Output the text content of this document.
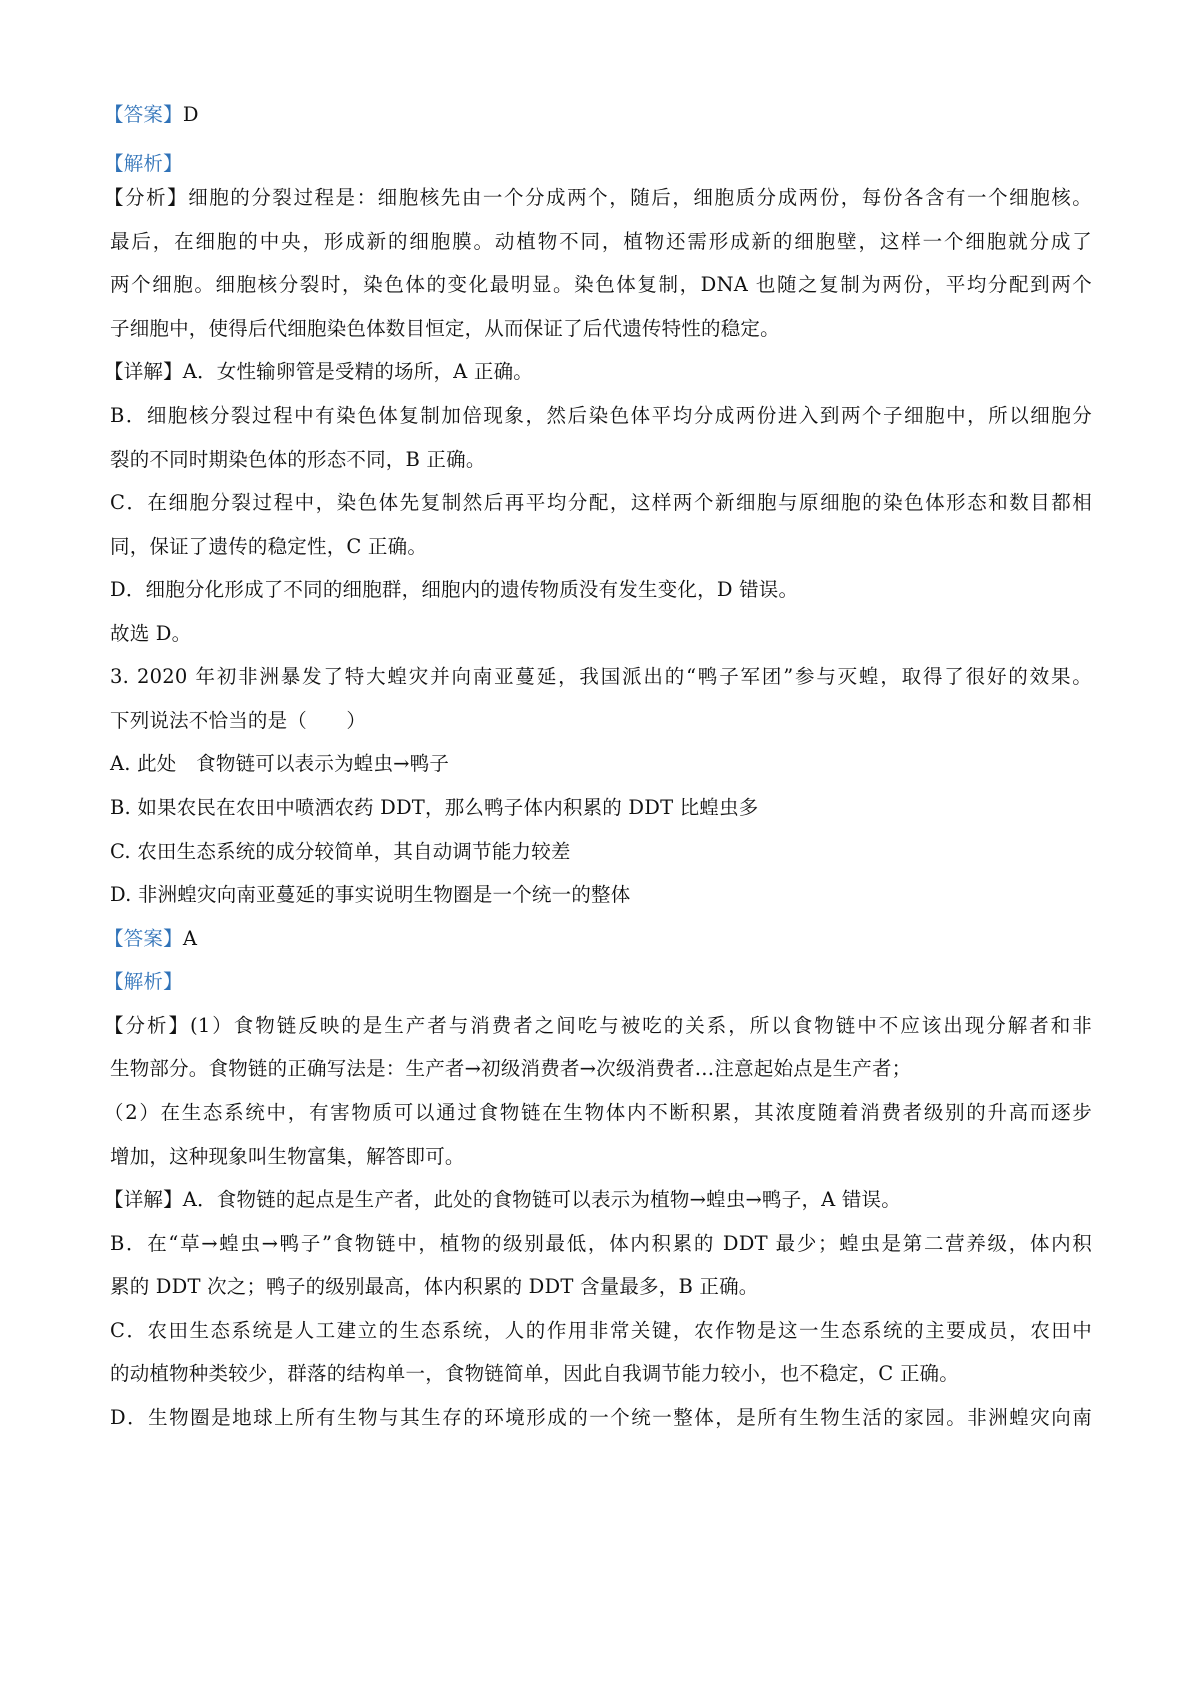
【答案】D
【解析】
【分析】细胞的分裂过程是：细胞核先由一个分成两个，随后，细胞质分成两份，每份各含有一个细胞核。
最后，在细胞的中央，形成新的细胞膜。动植物不同，植物还需形成新的细胞壁，这样一个细胞就分成了
两个细胞。细胞核分裂时，染色体的变化最明显。染色体复制，DNA 也随之复制为两份，平均分配到两个
子细胞中，使得后代细胞染色体数目恒定，从而保证了后代遗传特性的稳定。
【详解】A．女性输卵管是受精的场所，A 正确。
B．细胞核分裂过程中有染色体复制加倍现象，然后染色体平均分成两份进入到两个子细胞中，所以细胞分
裂的不同时期染色体的形态不同，B 正确。
C．在细胞分裂过程中，染色体先复制然后再平均分配，这样两个新细胞与原细胞的染色体形态和数目都相
同，保证了遗传的稳定性，C 正确。
D．细胞分化形成了不同的细胞群，细胞内的遗传物质没有发生变化，D 错误。
故选 D。
3. 2020 年初非洲暴发了特大蝗灾并向南亚蔓延，我国派出的“鸭子军团”参与灭蝗，取得了很好的效果。
下列说法不恰当的是（　　）
A. 此处　食物链可以表示为蝗虫→鸭子
B. 如果农民在农田中喷洒农药 DDT，那么鸭子体内积累的 DDT 比蝗虫多
C. 农田生态系统的成分较简单，其自动调节能力较差
D. 非洲蝗灾向南亚蔓延的事实说明生物圈是一个统一的整体
【答案】A
【解析】
【分析】(1）食物链反映的是生产者与消费者之间吃与被吃的关系，所以食物链中不应该出现分解者和非
生物部分。食物链的正确写法是：生产者→初级消费者→次级消费者…注意起始点是生产者；
（2）在生态系统中，有害物质可以通过食物链在生物体内不断积累，其浓度随着消费者级别的升高而逐步
增加，这种现象叫生物富集，解答即可。
【详解】A．食物链的起点是生产者，此处的食物链可以表示为植物→蝗虫→鸭子，A 错误。
B．在“草→蝗虫→鸭子”食物链中，植物的级别最低，体内积累的 DDT 最少；蝗虫是第二营养级，体内积
累的 DDT 次之；鸭子的级别最高，体内积累的 DDT 含量最多，B 正确。
C．农田生态系统是人工建立的生态系统，人的作用非常关键，农作物是这一生态系统的主要成员，农田中
的动植物种类较少，群落的结构单一，食物链简单，因此自我调节能力较小，也不稳定，C 正确。
D．生物圈是地球上所有生物与其生存的环境形成的一个统一整体，是所有生物生活的家园。非洲蝗灾向南
